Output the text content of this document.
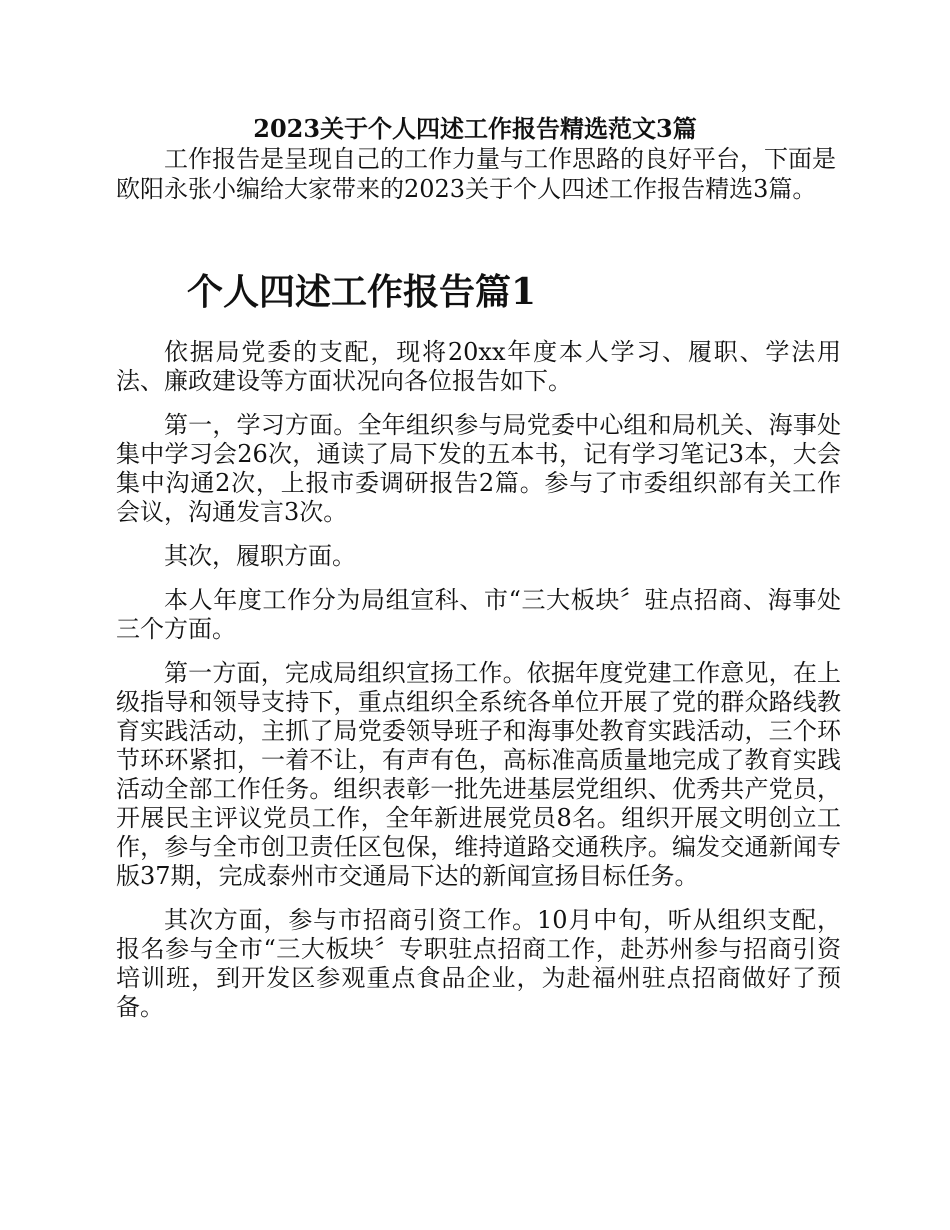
2023关于个人四述工作报告精选范文3篇

工作报告是呈现自己的工作力量与工作思路的良好平台，下面是欧阳永张小编给大家带来的2023关于个人四述工作报告精选3篇。

个人四述工作报告篇1

依据局党委的支配，现将20xx年度本人学习、履职、学法用法、廉政建设等方面状况向各位报告如下。

第一，学习方面。全年组织参与局党委中心组和局机关、海事处集中学习会26次，通读了局下发的五本书，记有学习笔记3本，大会集中沟通2次，上报市委调研报告2篇。参与了市委组织部有关工作会议，沟通发言3次。

其次，履职方面。

本人年度工作分为局组宣科、市“三大板块〞驻点招商、海事处三个方面。

第一方面，完成局组织宣扬工作。依据年度党建工作意见，在上级指导和领导支持下，重点组织全系统各单位开展了党的群众路线教育实践活动，主抓了局党委领导班子和海事处教育实践活动，三个环节环环紧扣，一着不让，有声有色，高标准高质量地完成了教育实践活动全部工作任务。组织表彰一批先进基层党组织、优秀共产党员，开展民主评议党员工作，全年新进展党员8名。组织开展文明创立工作，参与全市创卫责任区包保，维持道路交通秩序。编发交通新闻专版37期，完成泰州市交通局下达的新闻宣扬目标任务。

其次方面，参与市招商引资工作。10月中旬，听从组织支配，报名参与全市“三大板块〞专职驻点招商工作，赴苏州参与招商引资培训班，到开发区参观重点食品企业，为赴福州驻点招商做好了预备。
